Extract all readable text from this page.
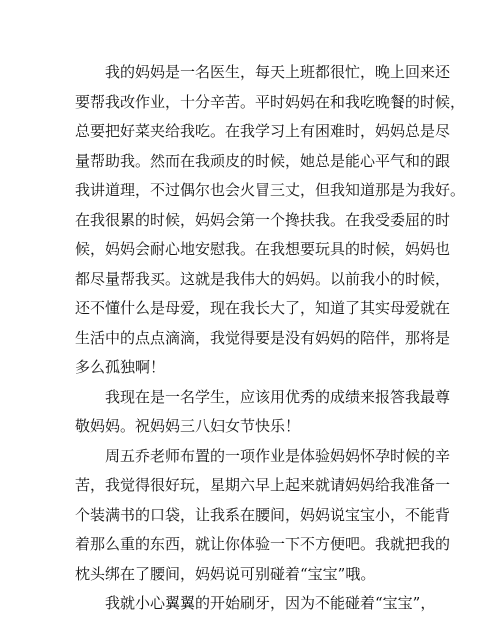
我的妈妈是一名医生，每天上班都很忙，晚上回来还
要帮我改作业，十分辛苦。平时妈妈在和我吃晚餐的时候，
总要把好菜夹给我吃。在我学习上有困难时，妈妈总是尽
量帮助我。然而在我顽皮的时候，她总是能心平气和的跟
我讲道理，不过偶尔也会火冒三丈，但我知道那是为我好。
在我很累的时候，妈妈会第一个搀扶我。在我受委屈的时
候，妈妈会耐心地安慰我。在我想要玩具的时候，妈妈也
都尽量帮我买。这就是我伟大的妈妈。以前我小的时候，
还不懂什么是母爱，现在我长大了，知道了其实母爱就在
生活中的点点滴滴，我觉得要是没有妈妈的陪伴，那将是
多么孤独啊！
我现在是一名学生，应该用优秀的成绩来报答我最尊
敬妈妈。祝妈妈三八妇女节快乐！
周五乔老师布置的一项作业是体验妈妈怀孕时候的辛
苦，我觉得很好玩，星期六早上起来就请妈妈给我准备一
个装满书的口袋，让我系在腰间，妈妈说宝宝小，不能背
着那么重的东西，就让你体验一下不方便吧。我就把我的
枕头绑在了腰间，妈妈说可别碰着“宝宝”哦。
我就小心翼翼的开始刷牙，因为不能碰着“宝宝”，
